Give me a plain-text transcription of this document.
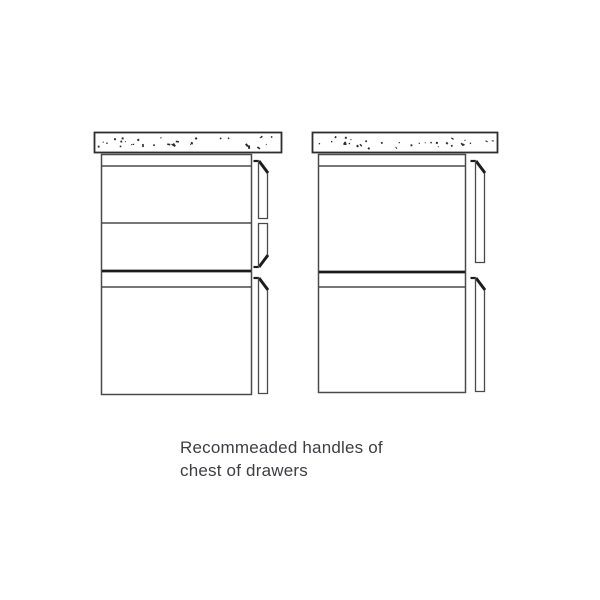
Recommeaded handles of
chest of drawers
